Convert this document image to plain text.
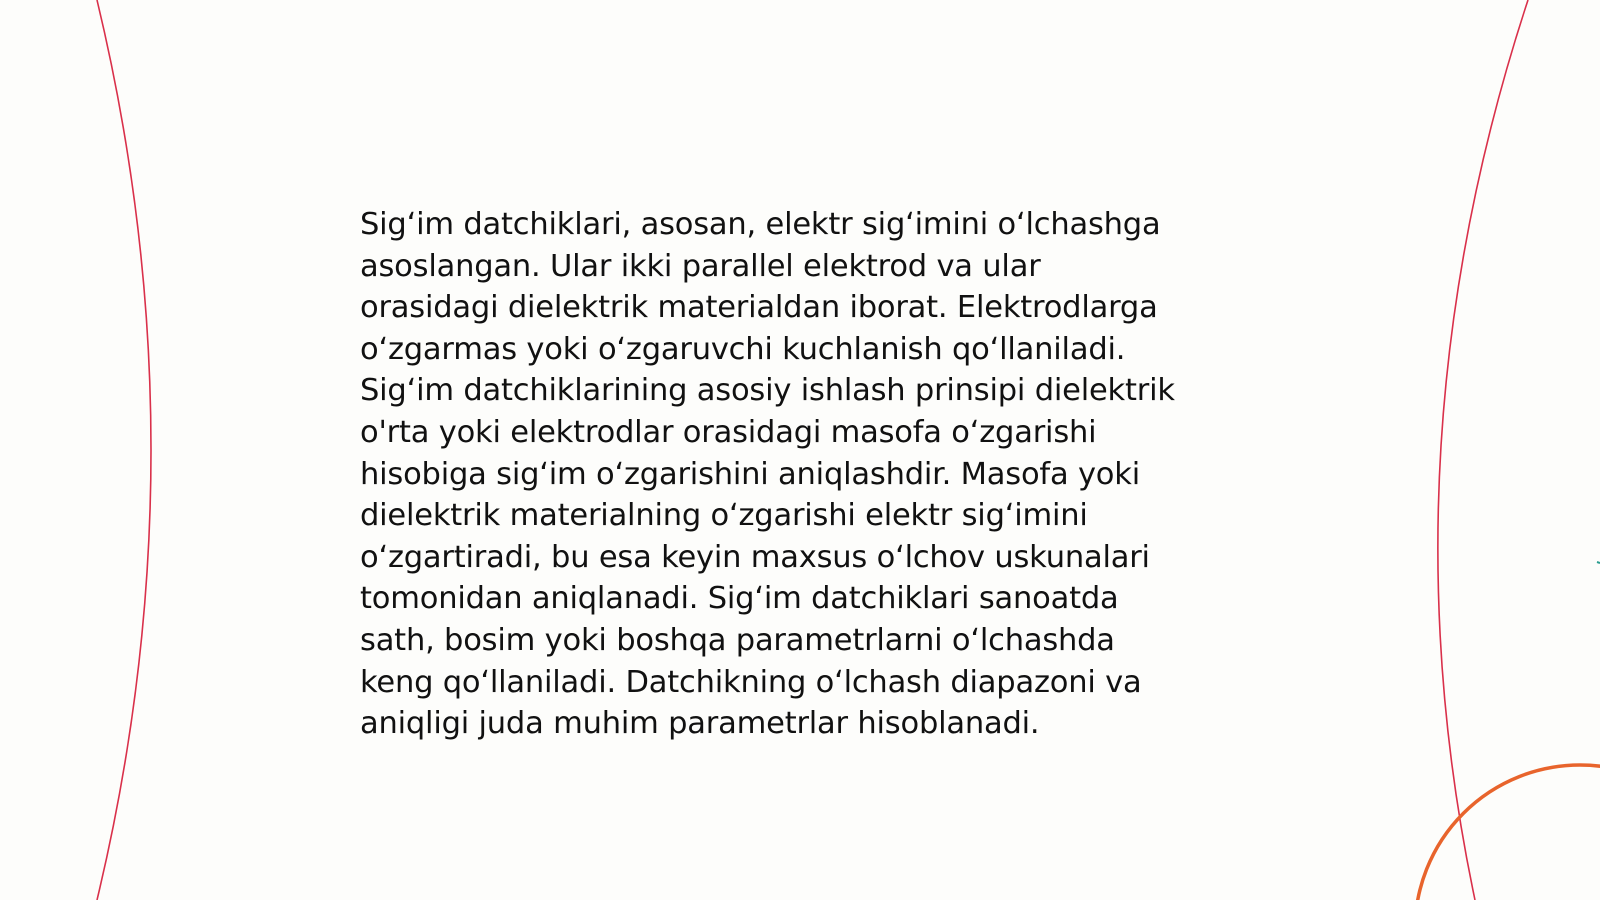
Sig‘im datchiklari, asosan, elektr sig‘imini o‘lchashga
asoslangan. Ular ikki parallel elektrod va ular
orasidagi dielektrik materialdan iborat. Elektrodlarga
o‘zgarmas yoki o‘zgaruvchi kuchlanish qo‘llaniladi.
Sig‘im datchiklarining asosiy ishlash prinsipi dielektrik
o'rta yoki elektrodlar orasidagi masofa o‘zgarishi
hisobiga sig‘im o‘zgarishini aniqlashdir. Masofa yoki
dielektrik materialning o‘zgarishi elektr sig‘imini
o‘zgartiradi, bu esa keyin maxsus o‘lchov uskunalari
tomonidan aniqlanadi. Sig‘im datchiklari sanoatda
sath, bosim yoki boshqa parametrlarni o‘lchashda
keng qo‘llaniladi. Datchikning o‘lchash diapazoni va
aniqligi juda muhim parametrlar hisoblanadi.
